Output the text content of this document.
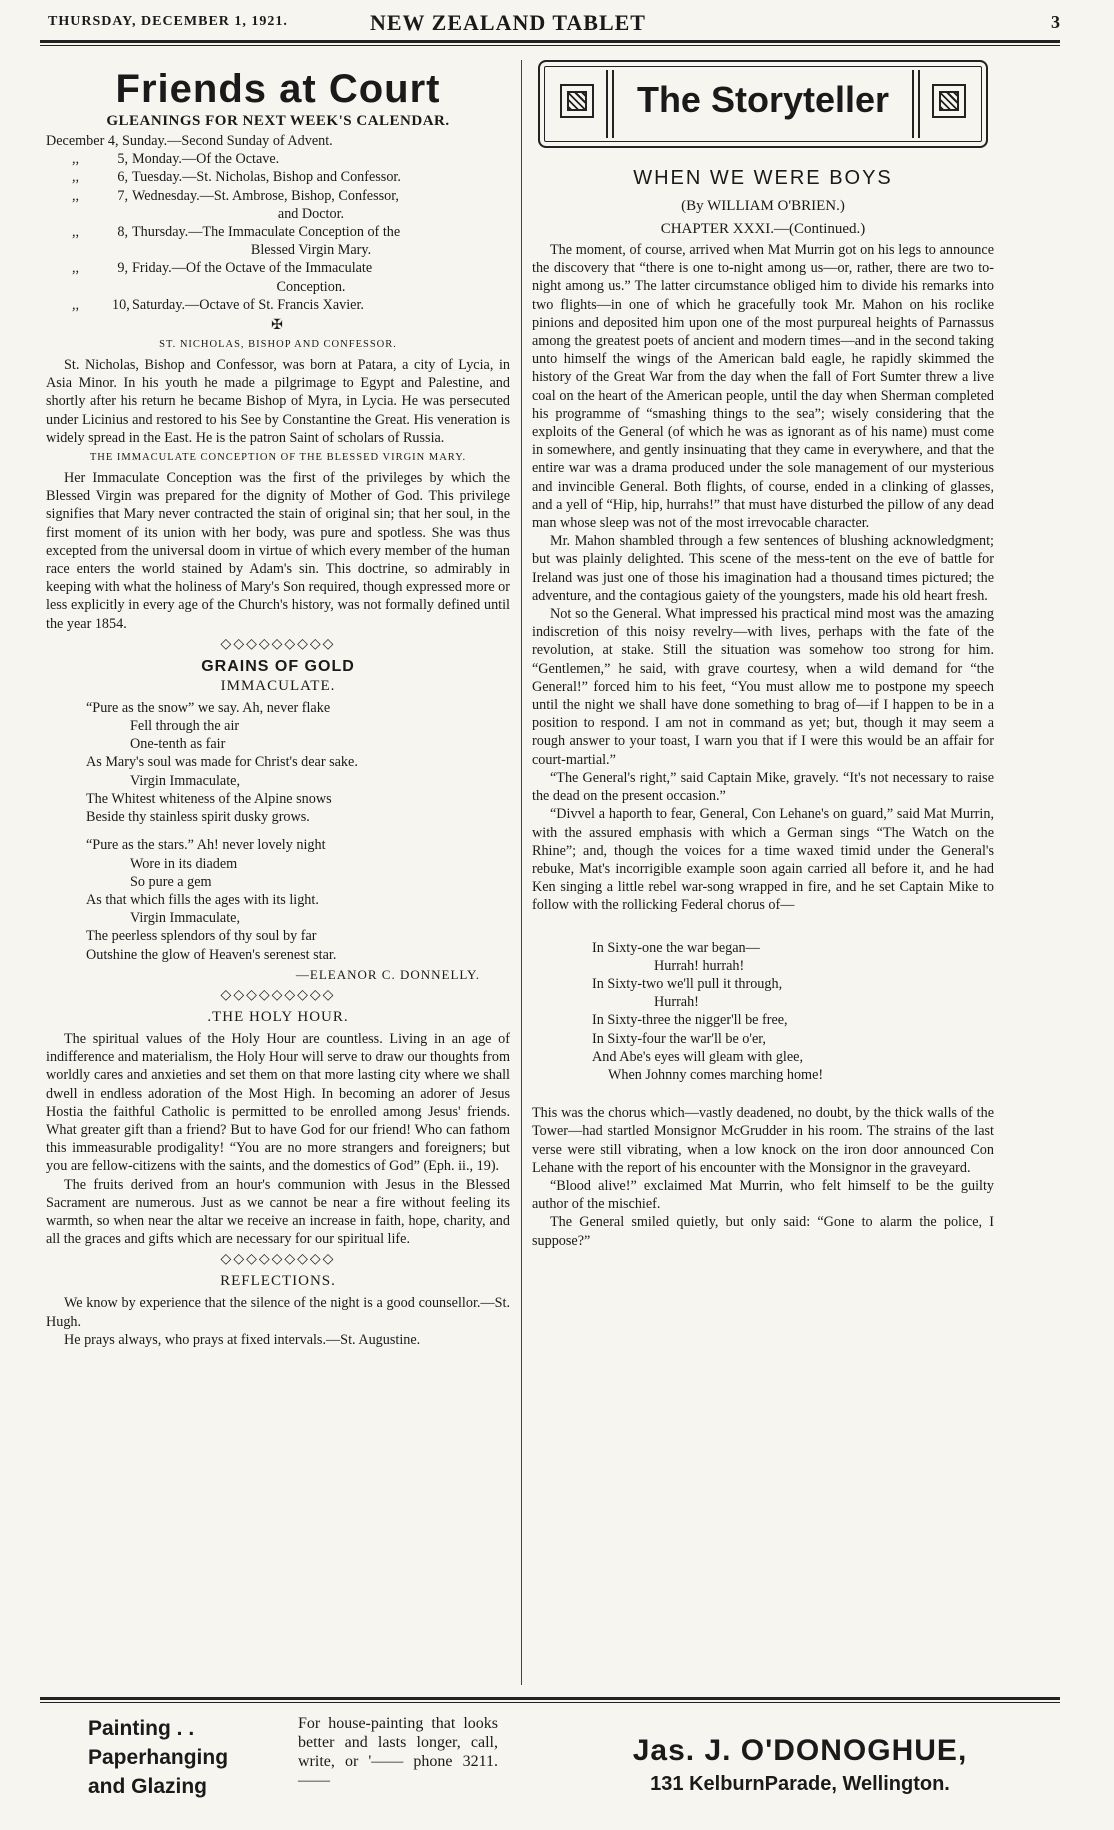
THURSDAY, DECEMBER 1, 1921.	NEW ZEALAND TABLET	3
Friends at Court
GLEANINGS FOR NEXT WEEK'S CALENDAR.
December 4, Sunday.—Second Sunday of Advent.
,,	5, Monday.—Of the Octave.
,,	6, Tuesday.—St. Nicholas, Bishop and Confessor.
,,	7, Wednesday.—St. Ambrose, Bishop, Confessor,
and Doctor.
,,	8, Thursday.—The Immaculate Conception of the
Blessed Virgin Mary.
,,	9, Friday.—Of the Octave of the Immaculate
Conception.
,, 10, Saturday.—Octave of St. Francis Xavier.
✠
ST. NICHOLAS, BISHOP AND CONFESSOR.

St. Nicholas, Bishop and Confessor, was born at Patara, a city of Lycia, in Asia Minor. In his youth he made a pilgrimage to Egypt and Palestine, and shortly after his return he became Bishop of Myra, in Lycia. He was persecuted under Licinius and restored to his See by Constantine the Great. His veneration is widely spread in the East. He is the patron Saint of scholars of Russia.

THE IMMACULATE CONCEPTION OF THE BLESSED VIRGIN MARY.

Her Immaculate Conception was the first of the privileges by which the Blessed Virgin was prepared for the dignity of Mother of God. This privilege signifies that Mary never contracted the stain of original sin; that her soul, in the first moment of its union with her body, was pure and spotless. She was thus excepted from the universal doom in virtue of which every member of the human race enters the world stained by Adam's sin. This doctrine, so admirably in keeping with what the holiness of Mary's Son required, though expressed more or less explicitly in every age of the Church's history, was not formally defined until the year 1854.

◇◇◇◇◇◇◇◇◇
GRAINS OF GOLD
IMMACULATE.
“Pure as the snow” we say. Ah, never flake
Fell through the air
One-tenth as fair
As Mary's soul was made for Christ's dear sake.
Virgin Immaculate,
The Whitest whiteness of the Alpine snows
Beside thy stainless spirit dusky grows.
“Pure as the stars.” Ah! never lovely night
Wore in its diadem
So pure a gem
As that which fills the ages with its light.
Virgin Immaculate,
The peerless splendors of thy soul by far
Outshine the glow of Heaven's serenest star.
—ELEANOR C. DONNELLY.
◇◇◇◇◇◇◇◇◇
.THE HOLY HOUR.

The spiritual values of the Holy Hour are countless. Living in an age of indifference and materialism, the Holy Hour will serve to draw our thoughts from worldly cares and anxieties and set them on that more lasting city where we shall dwell in endless adoration of the Most High. In becoming an adorer of Jesus Hostia the faithful Catholic is permitted to be enrolled among Jesus' friends. What greater gift than a friend? But to have God for our friend! Who can fathom this immeasurable prodigality! “You are no more strangers and foreigners; but you are fellow-citizens with the saints, and the domestics of God” (Eph. ii., 19).

The fruits derived from an hour's communion with Jesus in the Blessed Sacrament are numerous. Just as we cannot be near a fire without feeling its warmth, so when near the altar we receive an increase in faith, hope, charity, and all the graces and gifts which are necessary for our spiritual life.

◇◇◇◇◇◇◇◇◇
REFLECTIONS.

We know by experience that the silence of the night is a good counsellor.—St. Hugh.

He prays always, who prays at fixed intervals.—St. Augustine.

The Storyteller
WHEN WE WERE BOYS
(By WILLIAM O'BRIEN.)
CHAPTER XXXI.—(Continued.)

The moment, of course, arrived when Mat Murrin got on his legs to announce the discovery that “there is one to-night among us—or, rather, there are two to-night among us.” The latter circumstance obliged him to divide his remarks into two flights—in one of which he gracefully took Mr. Mahon on his roclike pinions and deposited him upon one of the most purpureal heights of Parnassus among the greatest poets of ancient and modern times—and in the second taking unto himself the wings of the American bald eagle, he rapidly skimmed the history of the Great War from the day when the fall of Fort Sumter threw a live coal on the heart of the American people, until the day when Sherman completed his programme of “smashing things to the sea”; wisely considering that the exploits of the General (of which he was as ignorant as of his name) must come in somewhere, and gently insinuating that they came in everywhere, and that the entire war was a drama produced under the sole management of our mysterious and invincible General. Both flights, of course, ended in a clinking of glasses, and a yell of “Hip, hip, hurrahs!” that must have disturbed the pillow of any dead man whose sleep was not of the most irrevocable character.

Mr. Mahon shambled through a few sentences of blushing acknowledgment; but was plainly delighted. This scene of the mess-tent on the eve of battle for Ireland was just one of those his imagination had a thousand times pictured; the adventure, and the contagious gaiety of the youngsters, made his old heart fresh.

Not so the General. What impressed his practical mind most was the amazing indiscretion of this noisy revelry—with lives, perhaps with the fate of the revolution, at stake. Still the situation was somehow too strong for him. “Gentlemen,” he said, with grave courtesy, when a wild demand for “the General!” forced him to his feet, “You must allow me to postpone my speech until the night we shall have done something to brag of—if I happen to be in a position to respond. I am not in command as yet; but, though it may seem a rough answer to your toast, I warn you that if I were this would be an affair for court-martial.”

“The General's right,” said Captain Mike, gravely. “It's not necessary to raise the dead on the present occasion.”

“Divvel a haporth to fear, General, Con Lehane's on guard,” said Mat Murrin, with the assured emphasis with which a German sings “The Watch on the Rhine”; and, though the voices for a time waxed timid under the General's rebuke, Mat's incorrigible example soon again carried all before it, and he had Ken singing a little rebel war-song wrapped in fire, and he set Captain Mike to follow with the rollicking Federal chorus of—

In Sixty-one the war began—
Hurrah! hurrah!
In Sixty-two we'll pull it through,
Hurrah!
In Sixty-three the nigger'll be free,
In Sixty-four the war'll be o'er,
And Abe's eyes will gleam with glee,
When Johnny comes marching home!

This was the chorus which—vastly deadened, no doubt, by the thick walls of the Tower—had startled Monsignor McGrudder in his room. The strains of the last verse were still vibrating, when a low knock on the iron door announced Con Lehane with the report of his encounter with the Monsignor in the graveyard.

“Blood alive!” exclaimed Mat Murrin, who felt himself to be the guilty author of the mischief.

The General smiled quietly, but only said: “Gone to alarm the police, I suppose?”

Painting . .
Paperhanging
and Glazing
For house-painting that looks better and lasts longer, call, write, or '—— phone 3211. ——
Jas. J. O'DONOGHUE,
131 KelburnParade, Wellington.
